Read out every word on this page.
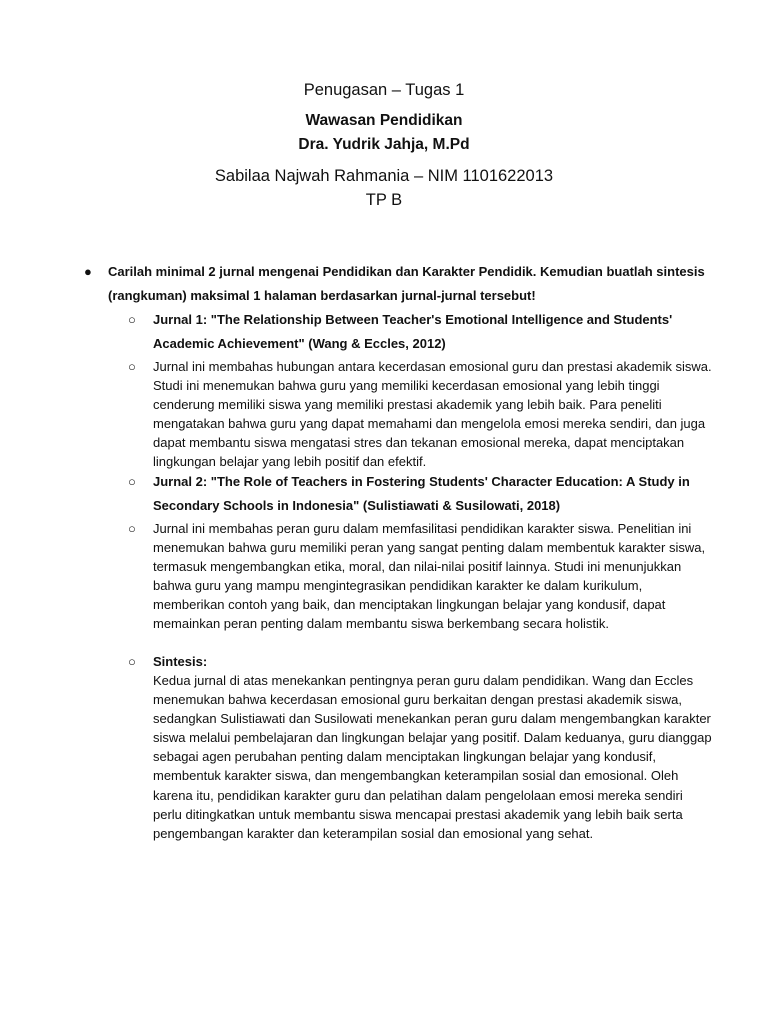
Penugasan – Tugas 1
Wawasan Pendidikan
Dra. Yudrik Jahja, M.Pd
Sabilaa Najwah Rahmania – NIM 1101622013
TP B
● Carilah minimal 2 jurnal mengenai Pendidikan dan Karakter Pendidik. Kemudian buatlah sintesis (rangkuman) maksimal 1 halaman berdasarkan jurnal-jurnal tersebut!

○ Jurnal 1: "The Relationship Between Teacher's Emotional Intelligence and Students' Academic Achievement" (Wang & Eccles, 2012)

○ Jurnal ini membahas hubungan antara kecerdasan emosional guru dan prestasi akademik siswa. Studi ini menemukan bahwa guru yang memiliki kecerdasan emosional yang lebih tinggi cenderung memiliki siswa yang memiliki prestasi akademik yang lebih baik. Para peneliti mengatakan bahwa guru yang dapat memahami dan mengelola emosi mereka sendiri, dan juga dapat membantu siswa mengatasi stres dan tekanan emosional mereka, dapat menciptakan lingkungan belajar yang lebih positif dan efektif.

○ Jurnal 2: "The Role of Teachers in Fostering Students' Character Education: A Study in Secondary Schools in Indonesia" (Sulistiawati & Susilowati, 2018)

○ Jurnal ini membahas peran guru dalam memfasilitasi pendidikan karakter siswa. Penelitian ini menemukan bahwa guru memiliki peran yang sangat penting dalam membentuk karakter siswa, termasuk mengembangkan etika, moral, dan nilai-nilai positif lainnya. Studi ini menunjukkan bahwa guru yang mampu mengintegrasikan pendidikan karakter ke dalam kurikulum, memberikan contoh yang baik, dan menciptakan lingkungan belajar yang kondusif, dapat memainkan peran penting dalam membantu siswa berkembang secara holistik.

○ Sintesis:

Kedua jurnal di atas menekankan pentingnya peran guru dalam pendidikan. Wang dan Eccles menemukan bahwa kecerdasan emosional guru berkaitan dengan prestasi akademik siswa, sedangkan Sulistiawati dan Susilowati menekankan peran guru dalam mengembangkan karakter siswa melalui pembelajaran dan lingkungan belajar yang positif. Dalam keduanya, guru dianggap sebagai agen perubahan penting dalam menciptakan lingkungan belajar yang kondusif, membentuk karakter siswa, dan mengembangkan keterampilan sosial dan emosional. Oleh karena itu, pendidikan karakter guru dan pelatihan dalam pengelolaan emosi mereka sendiri perlu ditingkatkan untuk membantu siswa mencapai prestasi akademik yang lebih baik serta pengembangan karakter dan keterampilan sosial dan emosional yang sehat.
